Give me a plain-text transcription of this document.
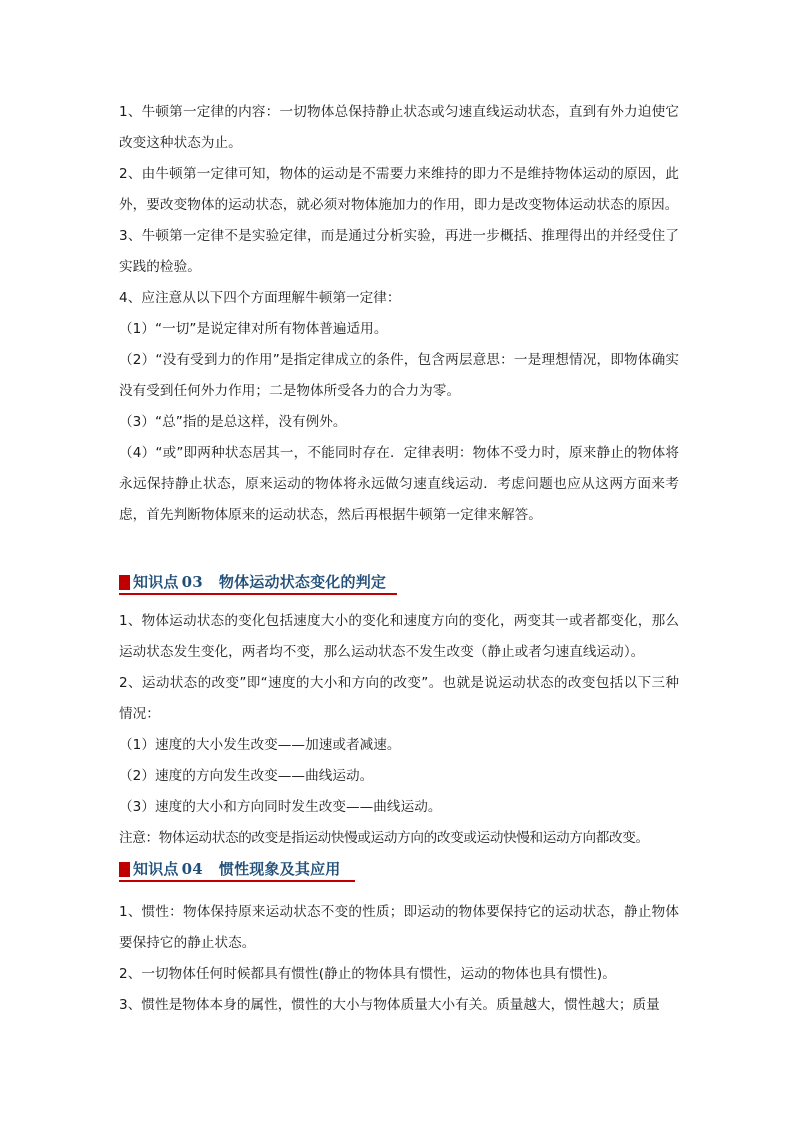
1、牛顿第一定律的内容：一切物体总保持静止状态或匀速直线运动状态，直到有外力迫使它改变这种状态为止。

2、由牛顿第一定律可知，物体的运动是不需要力来维持的即力不是维持物体运动的原因，此外，要改变物体的运动状态，就必须对物体施加力的作用，即力是改变物体运动状态的原因。

3、牛顿第一定律不是实验定律，而是通过分析实验，再进一步概括、推理得出的并经受住了实践的检验。

4、应注意从以下四个方面理解牛顿第一定律：

（1）“一切”是说定律对所有物体普遍适用。

（2）“没有受到力的作用”是指定律成立的条件，包含两层意思：一是理想情况，即物体确实没有受到任何外力作用；二是物体所受各力的合力为零。

（3）“总”指的是总这样，没有例外。

（4）“或”即两种状态居其一，不能同时存在．定律表明：物体不受力时，原来静止的物体将永远保持静止状态，原来运动的物体将永远做匀速直线运动．考虑问题也应从这两方面来考虑，首先判断物体原来的运动状态，然后再根据牛顿第一定律来解答。

知识点 03 物体运动状态变化的判定

1、物体运动状态的变化包括速度大小的变化和速度方向的变化，两变其一或者都变化，那么运动状态发生变化，两者均不变，那么运动状态不发生改变（静止或者匀速直线运动）。

2、运动状态的改变”即“速度的大小和方向的改变”。也就是说运动状态的改变包括以下三种情况：

（1）速度的大小发生改变——加速或者减速。

（2）速度的方向发生改变——曲线运动。

（3）速度的大小和方向同时发生改变——曲线运动。

注意：物体运动状态的改变是指运动快慢或运动方向的改变或运动快慢和运动方向都改变。

知识点 04 惯性现象及其应用

1、惯性：物体保持原来运动状态不变的性质；即运动的物体要保持它的运动状态，静止物体要保持它的静止状态。

2、一切物体任何时候都具有惯性(静止的物体具有惯性，运动的物体也具有惯性)。

3、惯性是物体本身的属性，惯性的大小与物体质量大小有关。质量越大，惯性越大；质量
